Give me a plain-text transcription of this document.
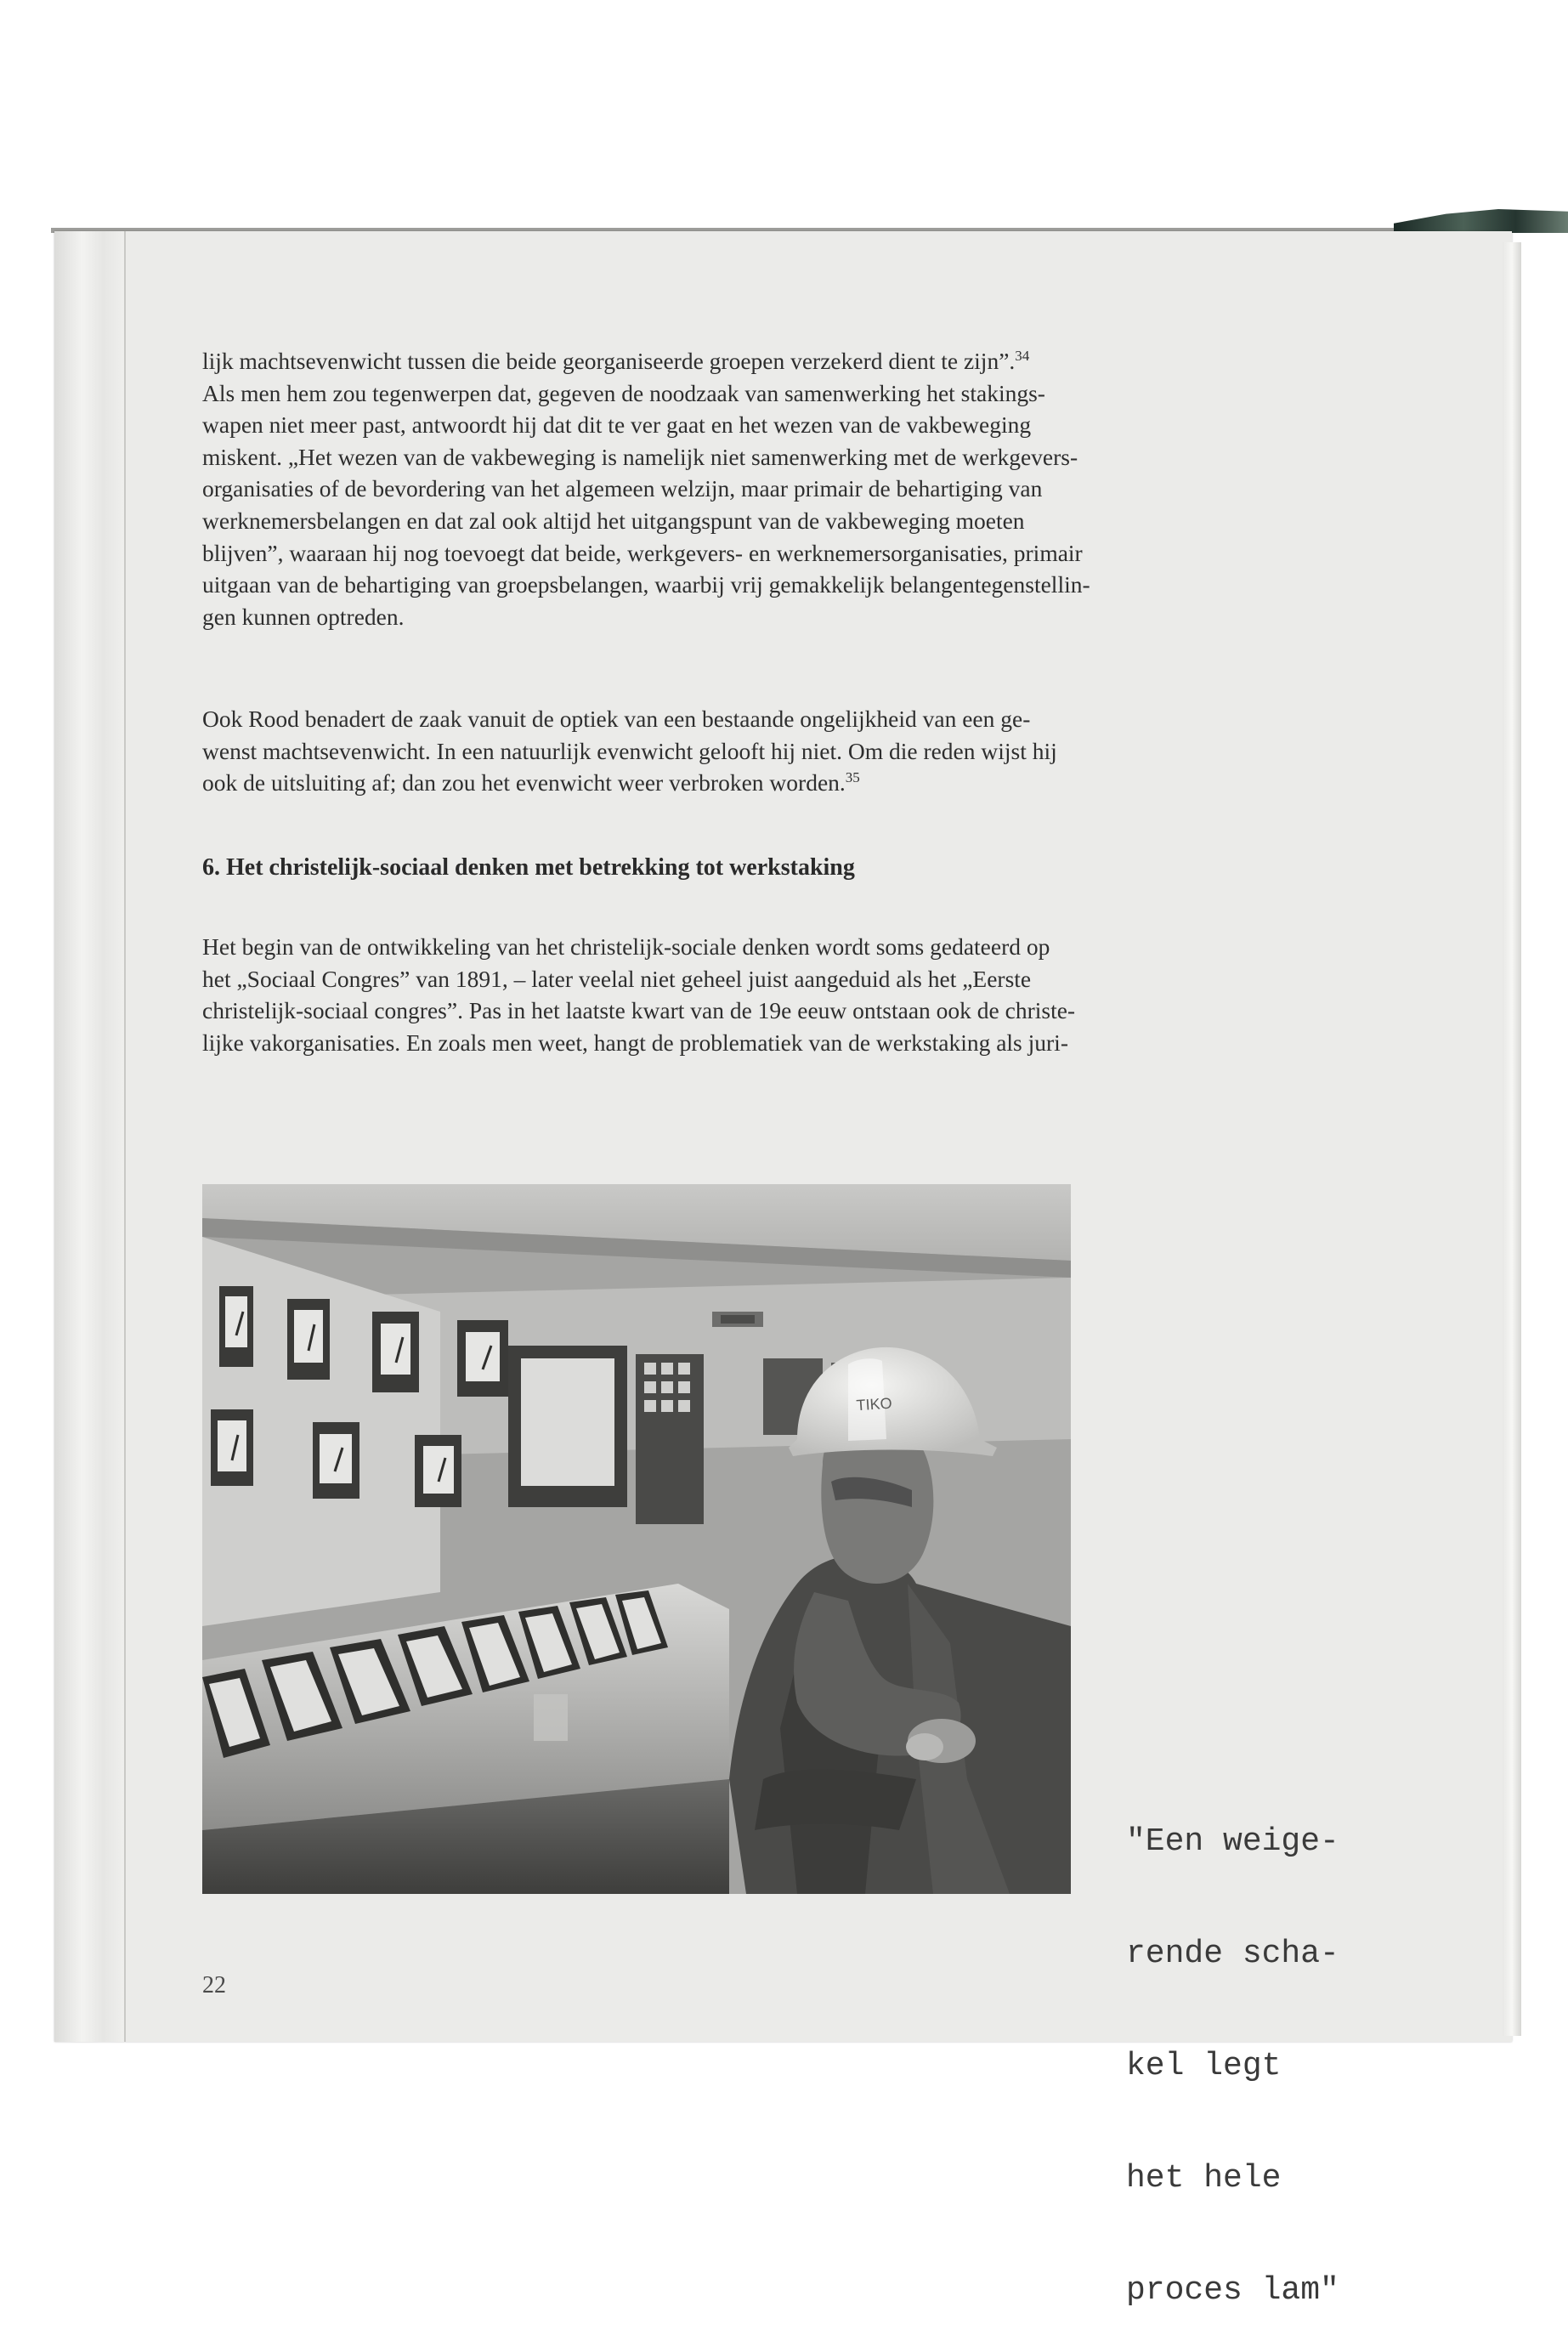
lijk machtsevenwicht tussen die beide georganiseerde groepen verzekerd dient te zijn”.$^{34}$

Als men hem zou tegenwerpen dat, gegeven de noodzaak van samenwerking het stakings-

wapen niet meer past, antwoordt hij dat dit te ver gaat en het wezen van de vakbeweging

miskent. „Het wezen van de vakbeweging is namelijk niet samenwerking met de werkgevers-

organisaties of de bevordering van het algemeen welzijn, maar primair de behartiging van

werknemersbelangen en dat zal ook altijd het uitgangspunt van de vakbeweging moeten

blijven”, waaraan hij nog toevoegt dat beide, werkgevers- en werknemersorganisaties, primair

uitgaan van de behartiging van groepsbelangen, waarbij vrij gemakkelijk belangentegenstellin-

gen kunnen optreden.

Ook Rood benadert de zaak vanuit de optiek van een bestaande ongelijkheid van een ge-

wenst machtsevenwicht. In een natuurlijk evenwicht gelooft hij niet. Om die reden wijst hij

ook de uitsluiting af; dan zou het evenwicht weer verbroken worden.$^{35}$

6. Het christelijk-sociaal denken met betrekking tot werkstaking

Het begin van de ontwikkeling van het christelijk-sociale denken wordt soms gedateerd op

het „Sociaal Congres” van 1891, – later veelal niet geheel juist aangeduid als het „Eerste

christelijk-sociaal congres”. Pas in het laatste kwart van de 19e eeuw ontstaan ook de christe-

lijke vakorganisaties. En zoals men weet, hangt de problematiek van de werkstaking als juri-

TIKO

"Een weige-

rende scha-

kel legt

het hele

proces lam"

22
